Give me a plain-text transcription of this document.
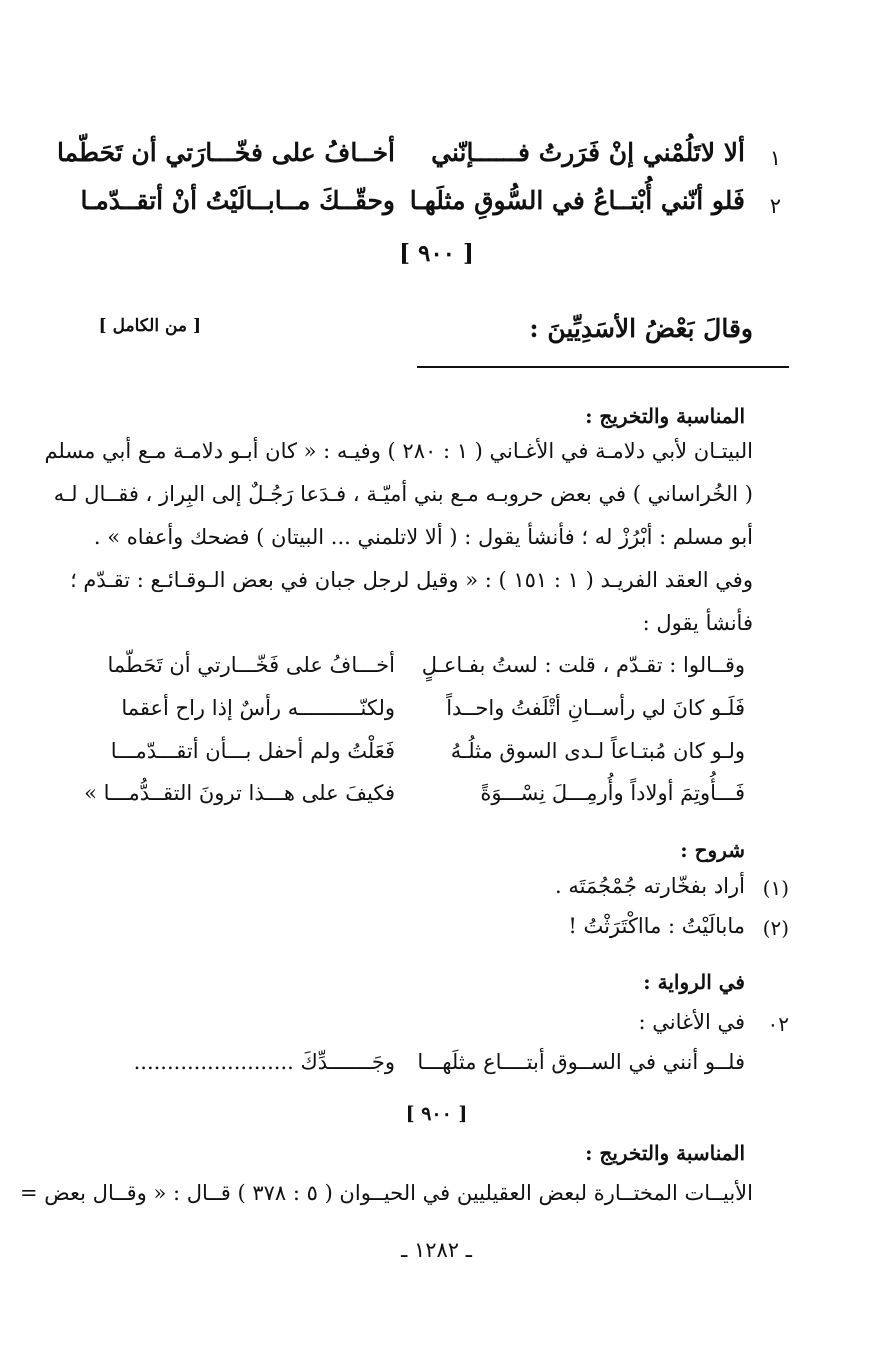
١
ألا لاتَلُمْني إنْ فَرَرتُ فــــــإنّني
أخــافُ على فخّـــارَتي أن تَحَطّما
٢
فَلو أنّني أُبْتــاعُ في السُّوقِ مثلَهـا
وحقّــكَ مــابــالَيْتُ أنْ أتقــدّمـا
[ ٩٠٠ ]
وقالَ بَعْضُ الأسَدِيِّينَ :
[ من الكامل ]
المناسبة والتخريج :
البيتـان لأبي دلامـة في الأغـاني ( ١ : ٢٨٠ ) وفيـه : « كان أبـو دلامـة مـع أبي مسلم
( الخُراساني ) في بعض حروبـه مـع بني أميّـة ، فـدَعا رَجُـلٌ إلى البِراز ، فقــال لـه
أبو مسلم : أبْرُزْ له ؛ فأنشأ يقول : ( ألا لاتلمني ... البيتان ) فضحك وأعفاه » .
وفي العقد الفريـد ( ١ : ١٥١ ) : « وقيل لرجل جبان في بعض الـوقـائـع : تقـدّم ؛
فأنشأ يقول :
وقــالوا : تقـدّم ، قلت : لستُ بفـاعـلٍ
أخـــافُ على فَخّـــارتي أن تَحَطّما
فَلَـو كانَ لي رأســانِ أتْلَفتُ واحــداً
ولكنّــــــــــه رأسٌ إذا راح أعقما
ولـو كان مُبتـاعاً لـدى السوق مثلُـهُ
فَعَلْتُ ولم أحفل بـــأن أتقـــدّمـــا
فَـــأُوتِمَ أولاداً وأُرمِـــلَ نِسْـــوَةً
فكيفَ على هـــذا ترونَ التقــدُّمـــا »
شروح :
(١)
أراد بفخّارته جُمْجُمَتَه .
(٢)
مابالَيْتُ : مااكْتَرَثْتُ !
في الرواية :
٠٢
في الأغاني :
فلــو أنني في الســوق أبتــــاع مثلَهـــا
وجَـــــــدِّكَ ........................
[ ٩٠٠ ]
المناسبة والتخريج :
الأبيــات المختــارة لبعض العقيليين في الحيــوان ( ٥ : ٣٧٨ ) قــال : « وقــال بعض =
ـ ١٢٨٢ ـ
